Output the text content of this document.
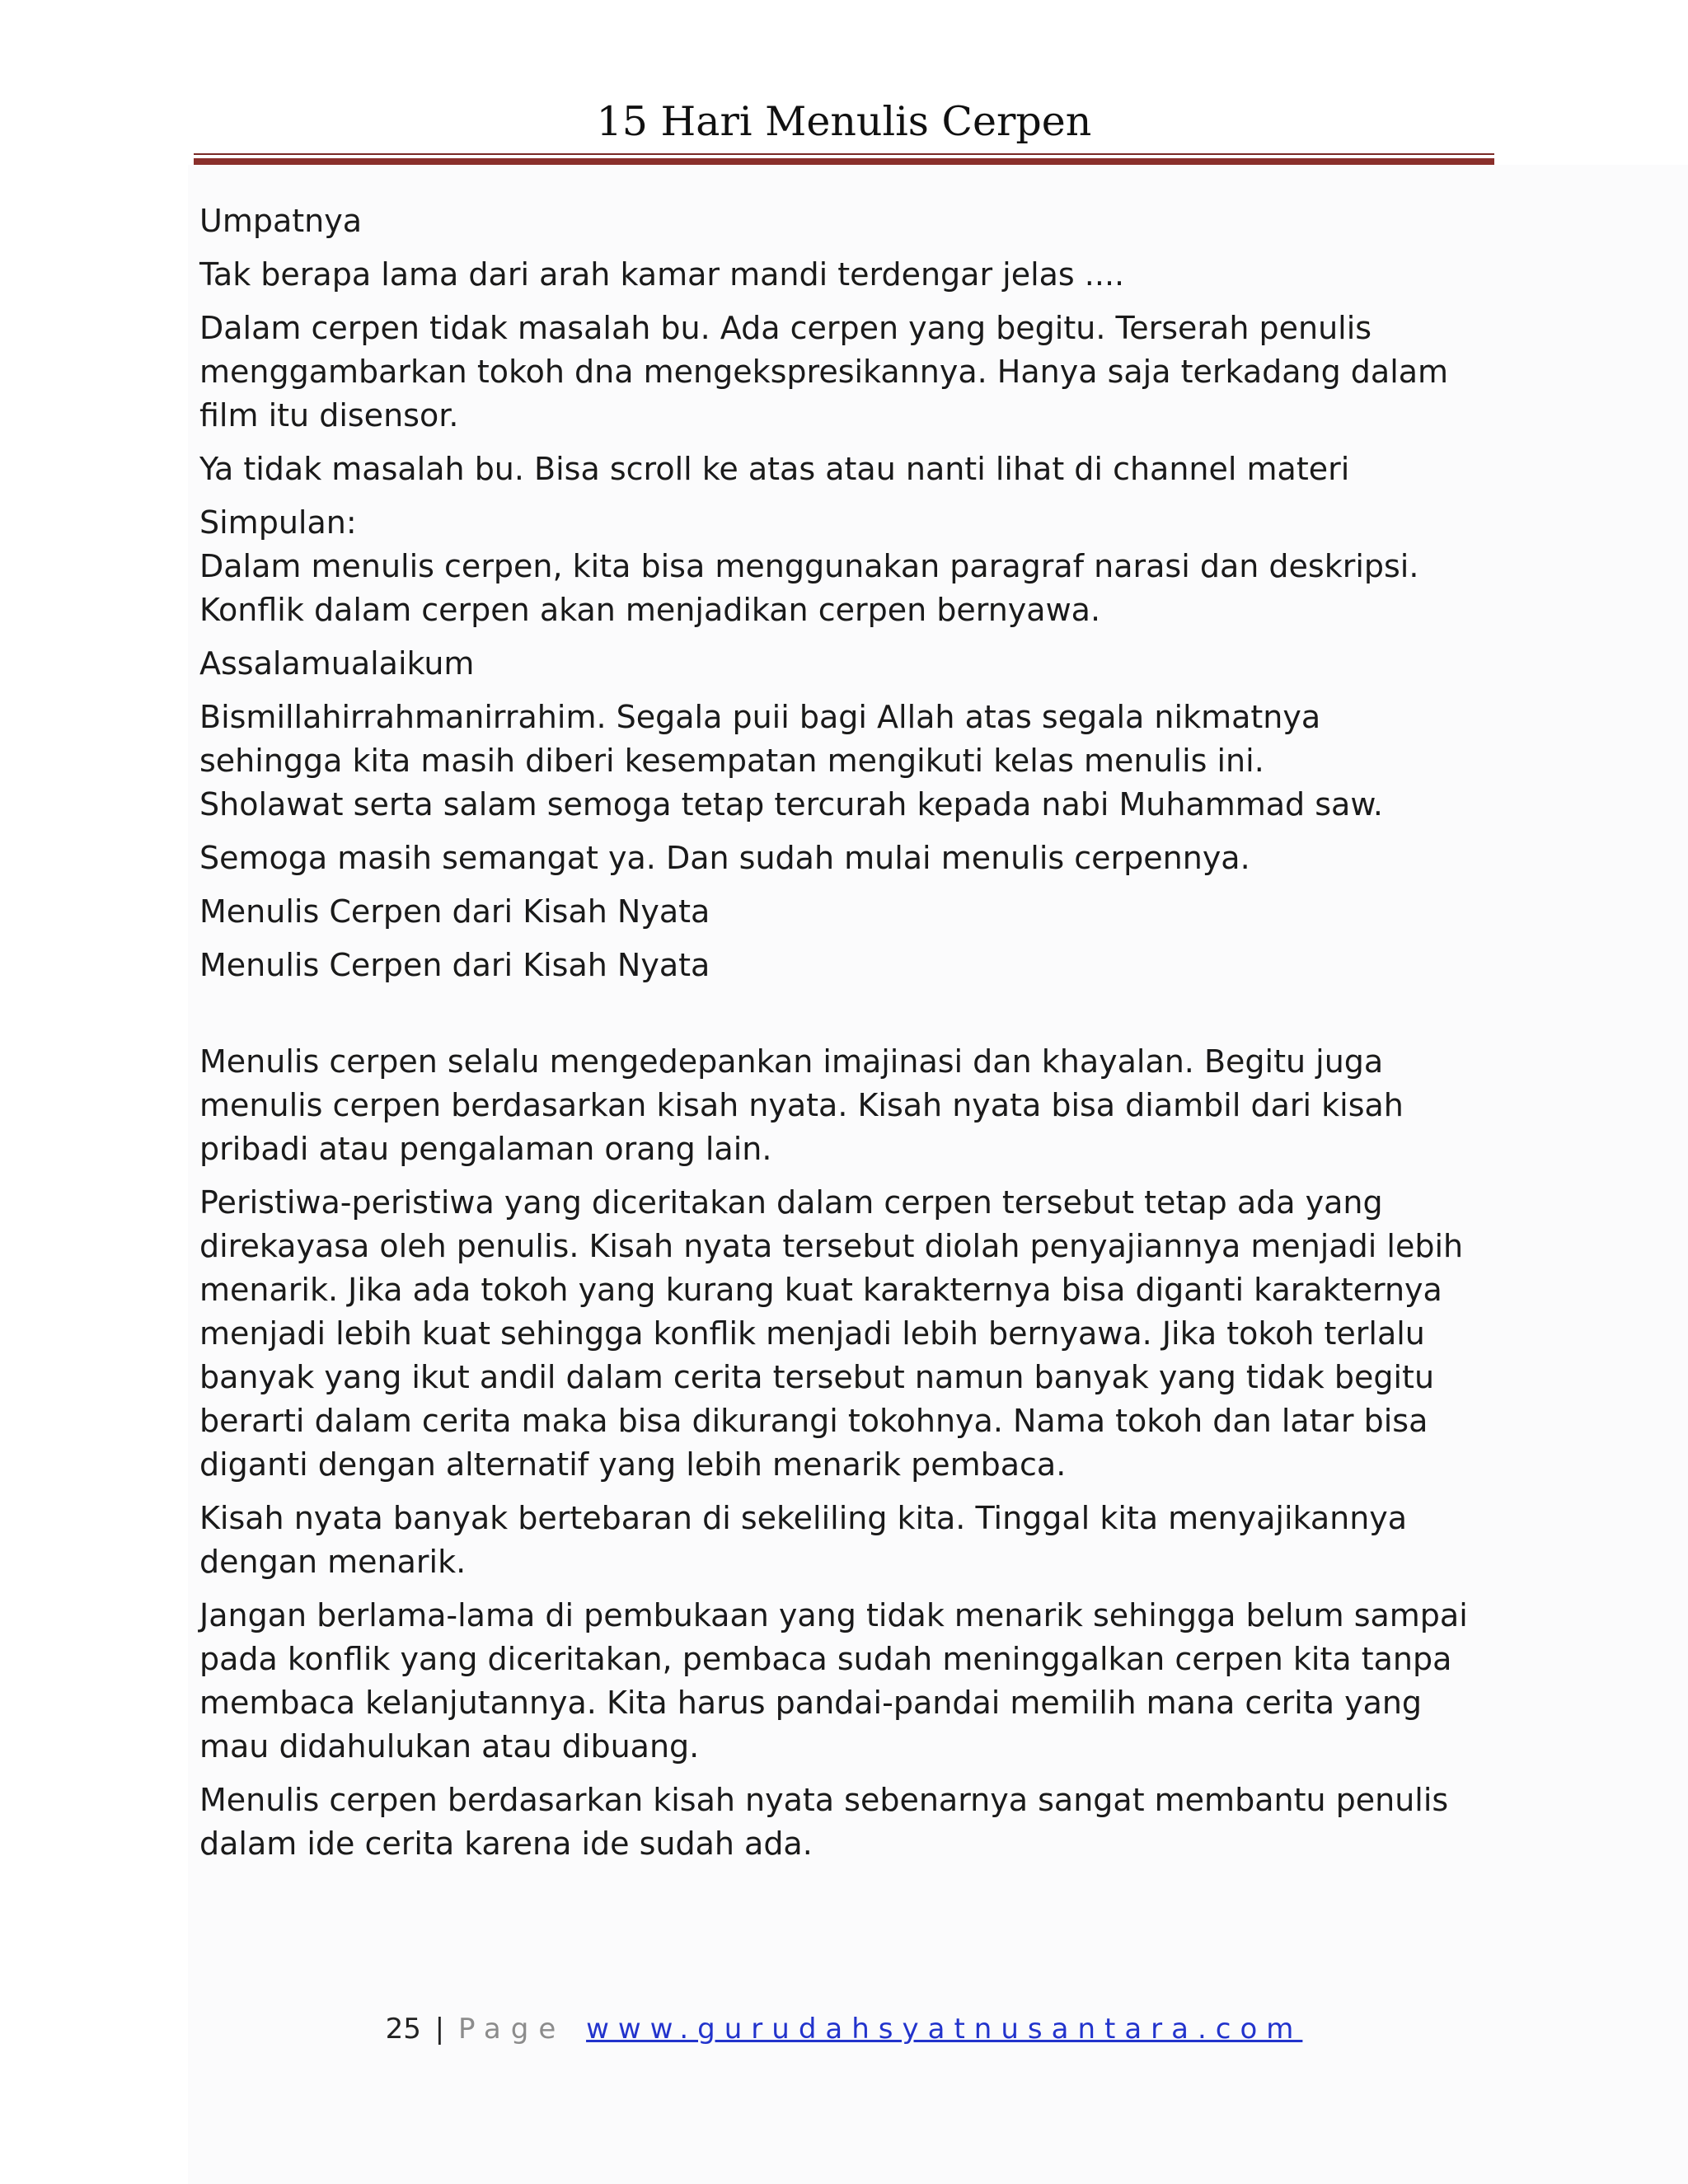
15 Hari Menulis Cerpen

Umpatnya

Tak berapa lama dari arah kamar mandi terdengar jelas ....

Dalam cerpen tidak masalah bu. Ada cerpen yang begitu. Terserah penulis menggambarkan tokoh dna mengekspresikannya. Hanya saja terkadang dalam film itu disensor.

Ya tidak masalah bu. Bisa scroll ke atas atau nanti lihat di channel materi

Simpulan:

Dalam menulis cerpen, kita bisa menggunakan paragraf narasi dan deskripsi. Konflik dalam cerpen akan menjadikan cerpen bernyawa.

Assalamualaikum

Bismillahirrahmanirrahim. Segala puii bagi Allah atas segala nikmatnya sehingga kita masih diberi kesempatan mengikuti kelas menulis ini.

Sholawat serta salam semoga tetap tercurah kepada nabi Muhammad saw.

Semoga masih semangat ya. Dan sudah mulai menulis cerpennya.

Menulis Cerpen dari Kisah Nyata

Menulis Cerpen dari Kisah Nyata

Menulis cerpen selalu mengedepankan imajinasi dan khayalan. Begitu juga menulis cerpen berdasarkan kisah nyata. Kisah nyata bisa diambil dari kisah pribadi atau pengalaman orang lain.

Peristiwa-peristiwa yang diceritakan dalam cerpen tersebut tetap ada yang direkayasa oleh penulis. Kisah nyata tersebut diolah penyajiannya menjadi lebih menarik. Jika ada tokoh yang kurang kuat karakternya bisa diganti karakternya menjadi lebih kuat sehingga konflik menjadi lebih bernyawa. Jika tokoh terlalu banyak yang ikut andil dalam cerita tersebut namun banyak yang tidak begitu berarti dalam cerita maka bisa dikurangi tokohnya. Nama tokoh dan latar bisa diganti dengan alternatif yang lebih menarik pembaca.

Kisah nyata banyak bertebaran di sekeliling kita. Tinggal kita menyajikannya dengan menarik.

Jangan berlama-lama di pembukaan yang tidak menarik sehingga belum sampai pada konflik yang diceritakan, pembaca sudah meninggalkan cerpen kita tanpa membaca kelanjutannya. Kita harus pandai-pandai memilih mana cerita yang mau didahulukan atau dibuang.

Menulis cerpen berdasarkan kisah nyata sebenarnya sangat membantu penulis dalam ide cerita karena ide sudah ada.

25 | Page www.gurudahsyatnusantara.com
